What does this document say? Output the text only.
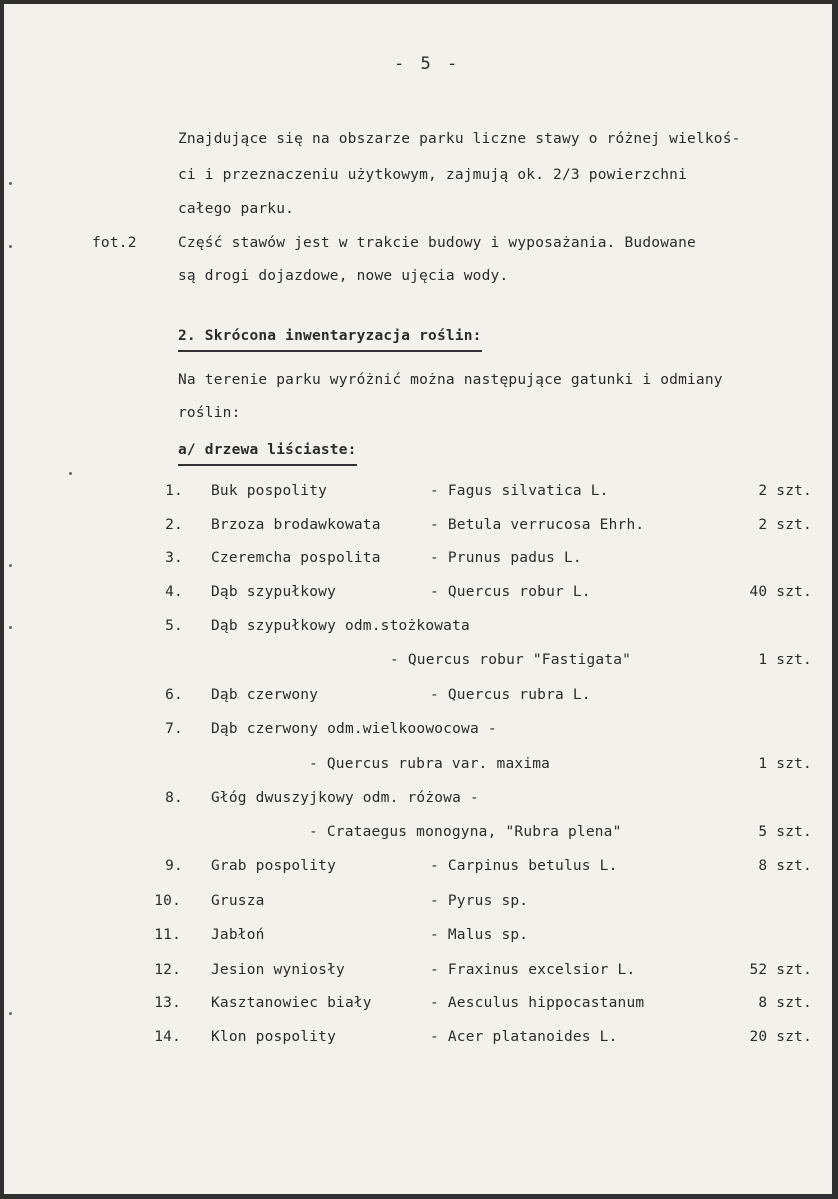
- 5 -
Znajdujące się na obszarze parku liczne stawy o różnej wielkoś-
ci i przeznaczeniu użytkowym, zajmują ok. 2/3 powierzchni
całego parku.
fot.2	Część stawów jest w trakcie budowy i wyposażania. Budowane
są drogi dojazdowe, nowe ujęcia wody.
2. Skrócona inwentaryzacja roślin:
Na terenie parku wyróżnić można następujące gatunki i odmiany
roślin:
a/ drzewa liściaste:
1. Buk pospolity	- Fagus silvatica L.	2 szt.
2. Brzoza brodawkowata	- Betula verrucosa Ehrh.	2 szt.
3. Czeremcha pospolita	- Prunus padus L.
4. Dąb szypułkowy	- Quercus robur L.	40 szt.
5. Dąb szypułkowy odm.stożkowata
- Quercus robur "Fastigata"	1 szt.
6. Dąb czerwony	- Quercus rubra L.
7. Dąb czerwony odm.wielkoowocowa -
- Quercus rubra var. maxima	1 szt.
8. Głóg dwuszyjkowy odm. różowa -
- Crataegus monogyna, "Rubra plena"	5 szt.
9. Grab pospolity	- Carpinus betulus L.	8 szt.
10. Grusza	- Pyrus sp.
11. Jabłoń	- Malus sp.
12. Jesion wyniosły	- Fraxinus excelsior L.	52 szt.
13. Kasztanowiec biały	- Aesculus hippocastanum	8 szt.
14. Klon pospolity	- Acer platanoides L.	20 szt.
